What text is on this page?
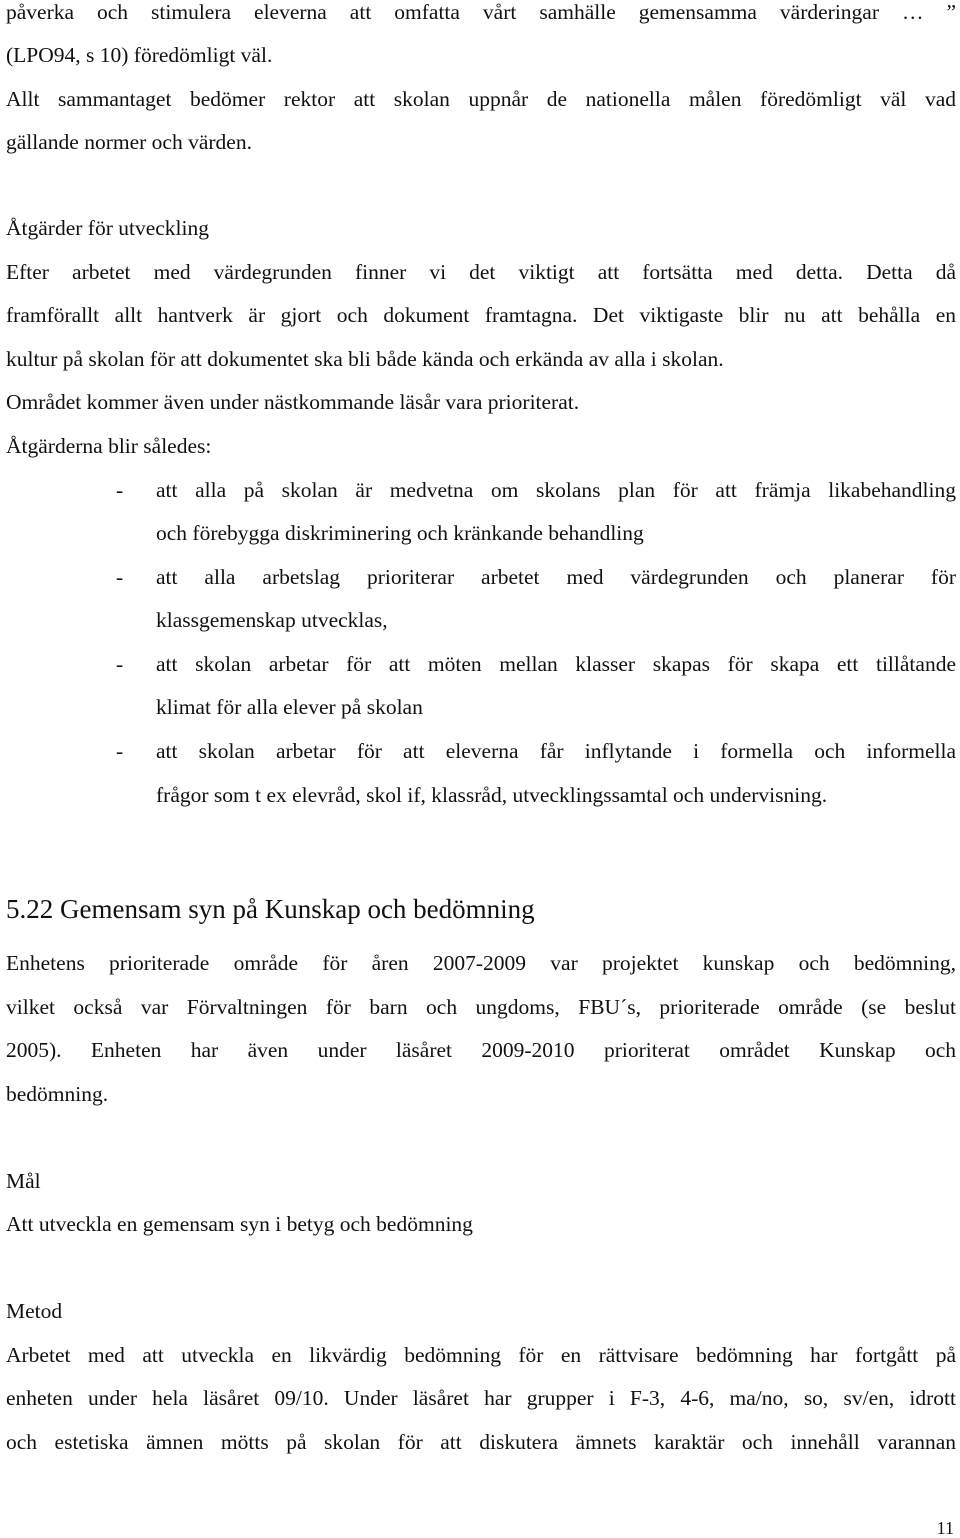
påverka och stimulera eleverna att omfatta vårt samhälle gemensamma värderingar … ”
(LPO94, s 10) föredömligt väl.
Allt sammantaget bedömer rektor att skolan uppnår de nationella målen föredömligt väl vad
gällande normer och värden.
Åtgärder för utveckling
Efter arbetet med värdegrunden finner vi det viktigt att fortsätta med detta. Detta då
framförallt allt hantverk är gjort och dokument framtagna. Det viktigaste blir nu att behålla en
kultur på skolan för att dokumentet ska bli både kända och erkända av alla i skolan.
Området kommer även under nästkommande läsår vara prioriterat.
Åtgärderna blir således:
- att alla på skolan är medvetna om skolans plan för att främja likabehandling
och förebygga diskriminering och kränkande behandling
- att alla arbetslag prioriterar arbetet med värdegrunden och planerar för
klassgemenskap utvecklas,
- att skolan arbetar för att möten mellan klasser skapas för skapa ett tillåtande
klimat för alla elever på skolan
- att skolan arbetar för att eleverna får inflytande i formella och informella
frågor som t ex elevråd, skol if, klassråd, utvecklingssamtal och undervisning.
5.22 Gemensam syn på Kunskap och bedömning
Enhetens prioriterade område för åren 2007-2009 var projektet kunskap och bedömning,
vilket också var Förvaltningen för barn och ungdoms, FBU´s, prioriterade område (se beslut
2005). Enheten har även under läsåret 2009-2010 prioriterat området Kunskap och
bedömning.
Mål
Att utveckla en gemensam syn i betyg och bedömning
Metod
Arbetet med att utveckla en likvärdig bedömning för en rättvisare bedömning har fortgått på
enheten under hela läsåret 09/10. Under läsåret har grupper i F-3, 4-6, ma/no, so, sv/en, idrott
och estetiska ämnen mötts på skolan för att diskutera ämnets karaktär och innehåll varannan
11
